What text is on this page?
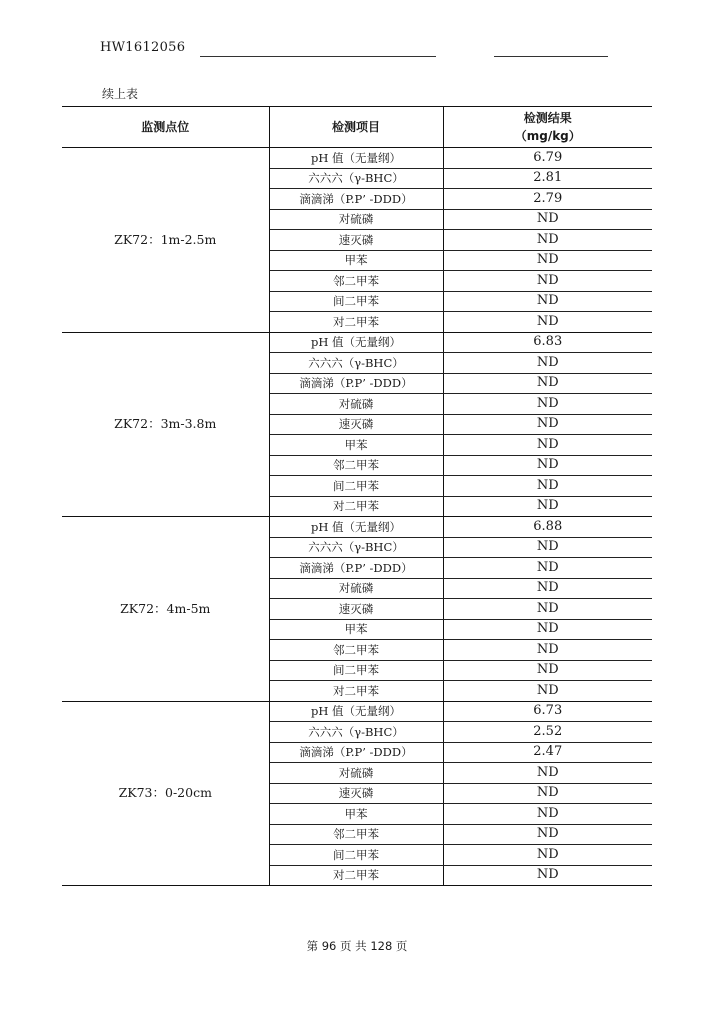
HW1612056
续上表
监测点位	检测项目	检测结果
（mg/kg）
ZK72：1m-2.5m	pH 值（无量纲）	6.79
	六六六（γ-BHC）	2.81
	滴滴涕（P.P’ -DDD）	2.79
	对硫磷	ND
	速灭磷	ND
	甲苯	ND
	邻二甲苯	ND
	间二甲苯	ND
	对二甲苯	ND
ZK72：3m-3.8m	pH 值（无量纲）	6.83
	六六六（γ-BHC）	ND
	滴滴涕（P.P’ -DDD）	ND
	对硫磷	ND
	速灭磷	ND
	甲苯	ND
	邻二甲苯	ND
	间二甲苯	ND
	对二甲苯	ND
ZK72：4m-5m	pH 值（无量纲）	6.88
	六六六（γ-BHC）	ND
	滴滴涕（P.P’ -DDD）	ND
	对硫磷	ND
	速灭磷	ND
	甲苯	ND
	邻二甲苯	ND
	间二甲苯	ND
	对二甲苯	ND
ZK73：0-20cm	pH 值（无量纲）	6.73
	六六六（γ-BHC）	2.52
	滴滴涕（P.P’ -DDD）	2.47
	对硫磷	ND
	速灭磷	ND
	甲苯	ND
	邻二甲苯	ND
	间二甲苯	ND
	对二甲苯	ND
第 96 页 共 128 页
